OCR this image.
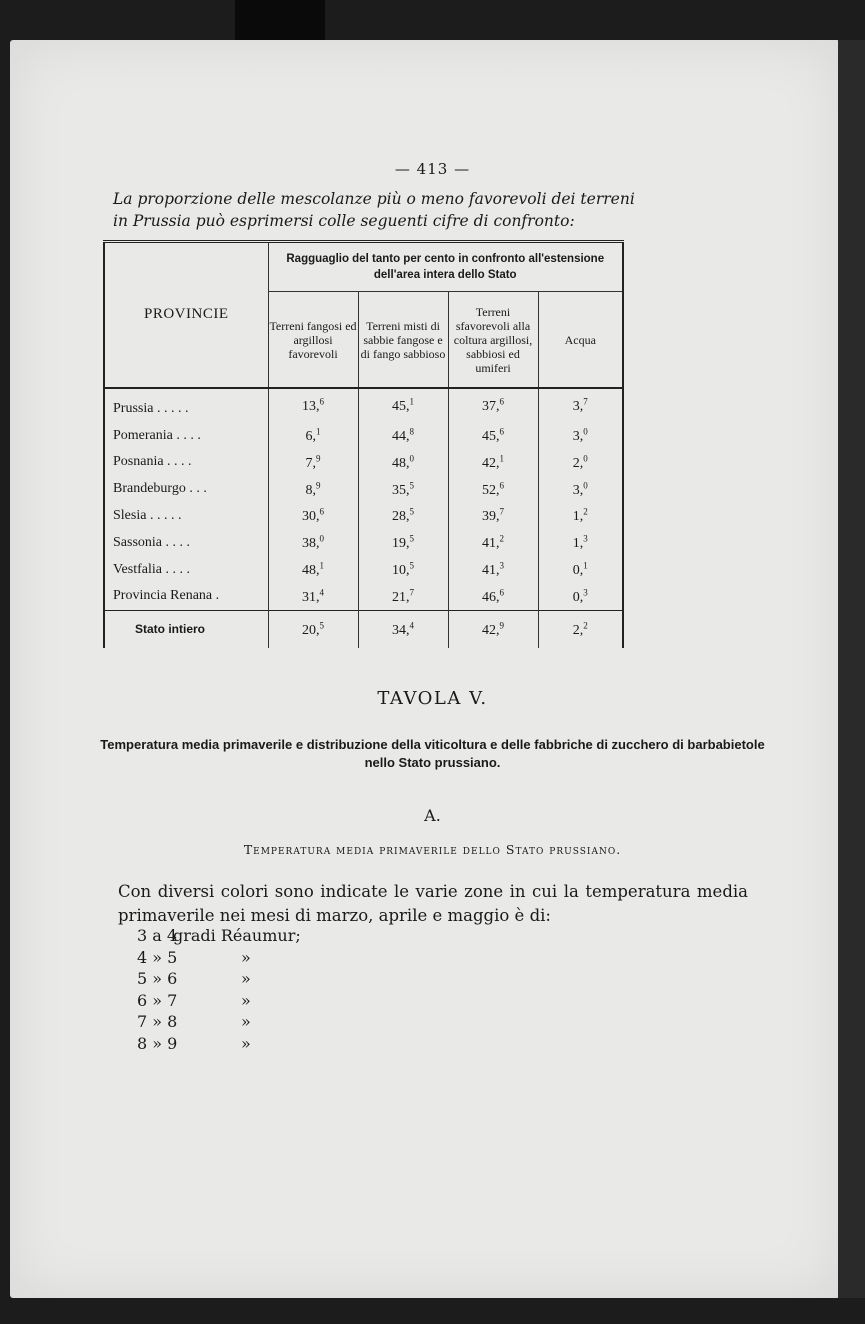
— 413 —
La proporzione delle mescolanze più o meno favorevoli dei terreni
in Prussia può esprimersi colle seguenti cifre di confronto:
PROVINCIE	Ragguaglio del tanto per cento in confronto all'estensione dell'area intera dello Stato			
	Terreni fangosi ed argillosi favorevoli	Terreni misti di sabbie fangose e di fango sabbioso	Terreni sfavorevoli alla coltura argillosi, sabbiosi ed umiferi	Acqua
Prussia . . . . .	13,$^6$	45,$^1$	37,$^6$	3,$^7$
Pomerania . . . .	6,$^1$	44,$^8$	45,$^6$	3,$^0$
Posnania . . . .	7,$^9$	48,$^0$	42,$^1$	2,$^0$
Brandeburgo . . .	8,$^9$	35,$^5$	52,$^6$	3,$^0$
Slesia . . . . .	30,$^6$	28,$^5$	39,$^7$	1,$^2$
Sassonia . . . .	38,$^0$	19,$^5$	41,$^2$	1,$^3$
Vestfalia . . . .	48,$^1$	10,$^5$	41,$^3$	0,$^1$
Provincia Renana .	31,$^4$	21,$^7$	46,$^6$	0,$^3$
Stato intiero	20,$^5$	34,$^4$	42,$^9$	2,$^2$
TAVOLA V.
Temperatura media primaverile e distribuzione della viticoltura e delle fabbriche di zucchero di barbabietole nello Stato prussiano.
A.
Temperatura media primaverile dello Stato prussiano.
Con diversi colori sono indicate le varie zone in cui la temperatura media primaverile nei mesi di marzo, aprile e maggio è di:
3 a 4
gradi Réaumur;
4 » 5	»
5 » 6	»
6 » 7	»
7 » 8	»
8 » 9	»
